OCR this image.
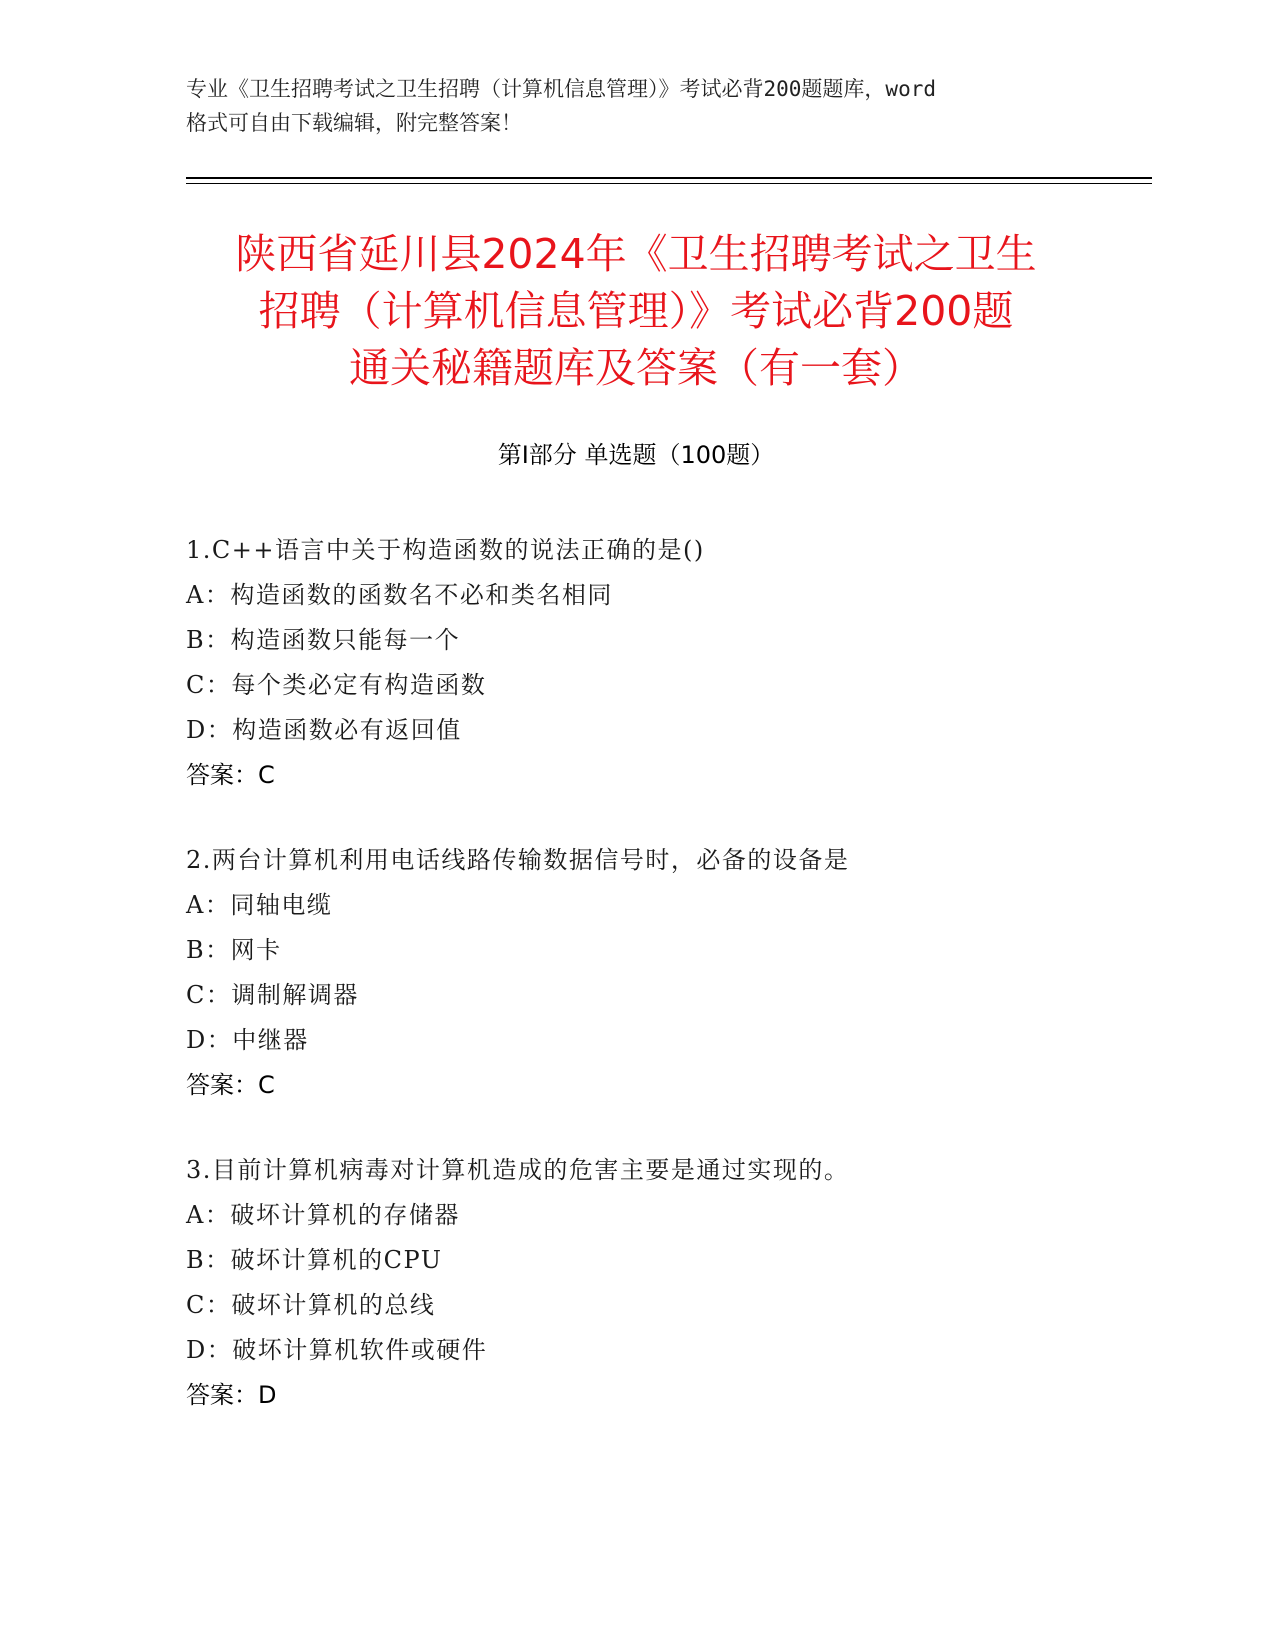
专业《卫生招聘考试之卫生招聘（计算机信息管理）》考试必背200题题库，word
格式可自由下载编辑，附完整答案！
陕西省延川县2024年《卫生招聘考试之卫生
招聘（计算机信息管理）》考试必背200题
通关秘籍题库及答案（有一套）
第Ⅰ部分 单选题（100题）
1.C++语言中关于构造函数的说法正确的是()
A：构造函数的函数名不必和类名相同
B：构造函数只能每一个
C：每个类必定有构造函数
D：构造函数必有返回值
答案：C
2.两台计算机利用电话线路传输数据信号时，必备的设备是
A：同轴电缆
B：网卡
C：调制解调器
D：中继器
答案：C
3.目前计算机病毒对计算机造成的危害主要是通过实现的。
A：破坏计算机的存储器
B：破坏计算机的CPU
C：破坏计算机的总线
D：破坏计算机软件或硬件
答案：D
